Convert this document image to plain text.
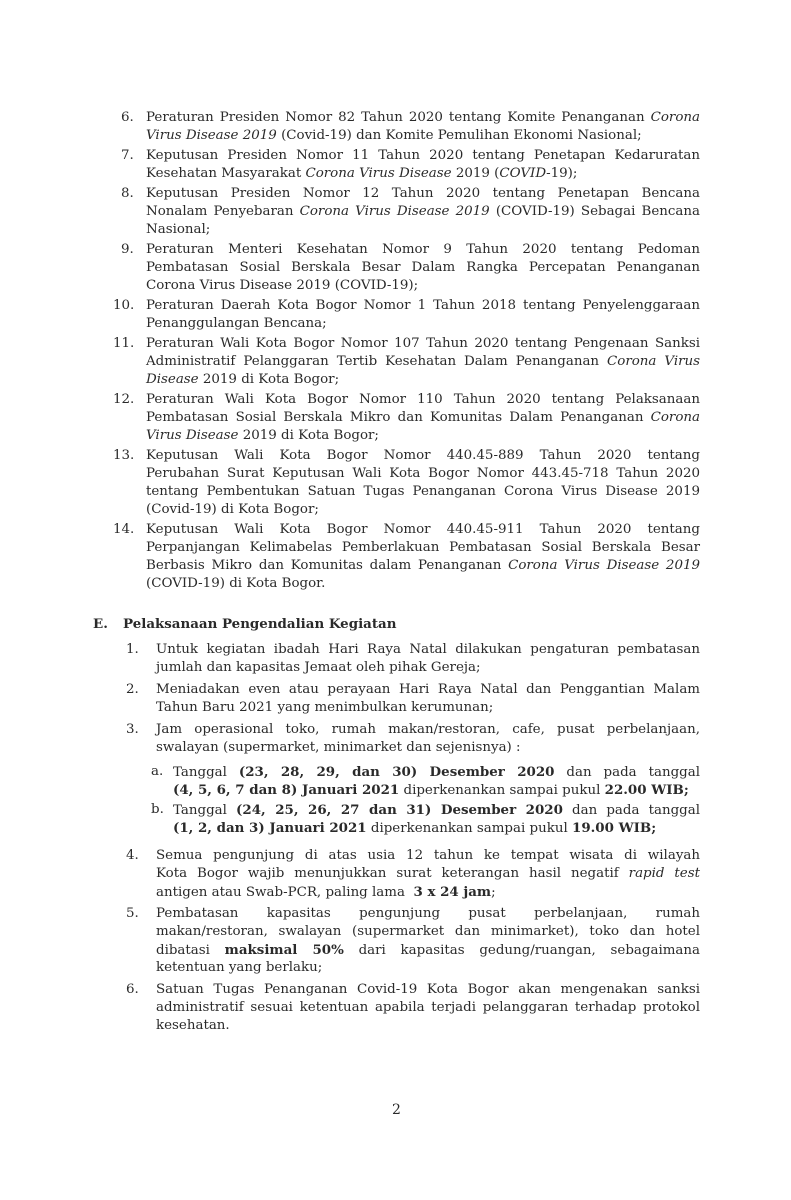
6. Peraturan Presiden Nomor 82 Tahun 2020 tentang Komite Penanganan Corona
Virus Disease 2019 (Covid-19) dan Komite Pemulihan Ekonomi Nasional;
7. Keputusan Presiden Nomor 11 Tahun 2020 tentang Penetapan Kedaruratan
Kesehatan Masyarakat Corona Virus Disease 2019 (COVID-19);
8. Keputusan Presiden Nomor 12 Tahun 2020 tentang Penetapan Bencana
Nonalam Penyebaran Corona Virus Disease 2019 (COVID-19) Sebagai Bencana
Nasional;
9. Peraturan Menteri Kesehatan Nomor 9 Tahun 2020 tentang Pedoman
Pembatasan Sosial Berskala Besar Dalam Rangka Percepatan Penanganan
Corona Virus Disease 2019 (COVID-19);
10. Peraturan Daerah Kota Bogor Nomor 1 Tahun 2018 tentang Penyelenggaraan
Penanggulangan Bencana;
11. Peraturan Wali Kota Bogor Nomor 107 Tahun 2020 tentang Pengenaan Sanksi
Administratif Pelanggaran Tertib Kesehatan Dalam Penanganan Corona Virus
Disease 2019 di Kota Bogor;
12. Peraturan Wali Kota Bogor Nomor 110 Tahun 2020 tentang Pelaksanaan
Pembatasan Sosial Berskala Mikro dan Komunitas Dalam Penanganan Corona
Virus Disease 2019 di Kota Bogor;
13. Keputusan Wali Kota Bogor Nomor 440.45-889 Tahun 2020 tentang
Perubahan Surat Keputusan Wali Kota Bogor Nomor 443.45-718 Tahun 2020
tentang Pembentukan Satuan Tugas Penanganan Corona Virus Disease 2019
(Covid-19) di Kota Bogor;
14. Keputusan Wali Kota Bogor Nomor 440.45-911 Tahun 2020 tentang
Perpanjangan Kelimabelas Pemberlakuan Pembatasan Sosial Berskala Besar
Berbasis Mikro dan Komunitas dalam Penanganan Corona Virus Disease 2019
(COVID-19) di Kota Bogor.
E. Pelaksanaan Pengendalian Kegiatan
1. Untuk kegiatan ibadah Hari Raya Natal dilakukan pengaturan pembatasan
jumlah dan kapasitas Jemaat oleh pihak Gereja;
2. Meniadakan even atau perayaan Hari Raya Natal dan Penggantian Malam
Tahun Baru 2021 yang menimbulkan kerumunan;
3. Jam operasional toko, rumah makan/restoran, cafe, pusat perbelanjaan,
swalayan (supermarket, minimarket dan sejenisnya) :
a. Tanggal (23, 28, 29, dan 30) Desember 2020 dan pada tanggal
(4, 5, 6, 7 dan 8) Januari 2021 diperkenankan sampai pukul 22.00 WIB;
b. Tanggal (24, 25, 26, 27 dan 31) Desember 2020 dan pada tanggal
(1, 2, dan 3) Januari 2021 diperkenankan sampai pukul 19.00 WIB;
4. Semua pengunjung di atas usia 12 tahun ke tempat wisata di wilayah
Kota Bogor wajib menunjukkan surat keterangan hasil negatif rapid test
antigen atau Swab-PCR, paling lama  3 x 24 jam;
5. Pembatasan kapasitas pengunjung pusat perbelanjaan, rumah
makan/restoran, swalayan (supermarket dan minimarket), toko dan hotel
dibatasi maksimal 50% dari kapasitas gedung/ruangan, sebagaimana
ketentuan yang berlaku;
6. Satuan Tugas Penanganan Covid-19 Kota Bogor akan mengenakan sanksi
administratif sesuai ketentuan apabila terjadi pelanggaran terhadap protokol
kesehatan.
2
